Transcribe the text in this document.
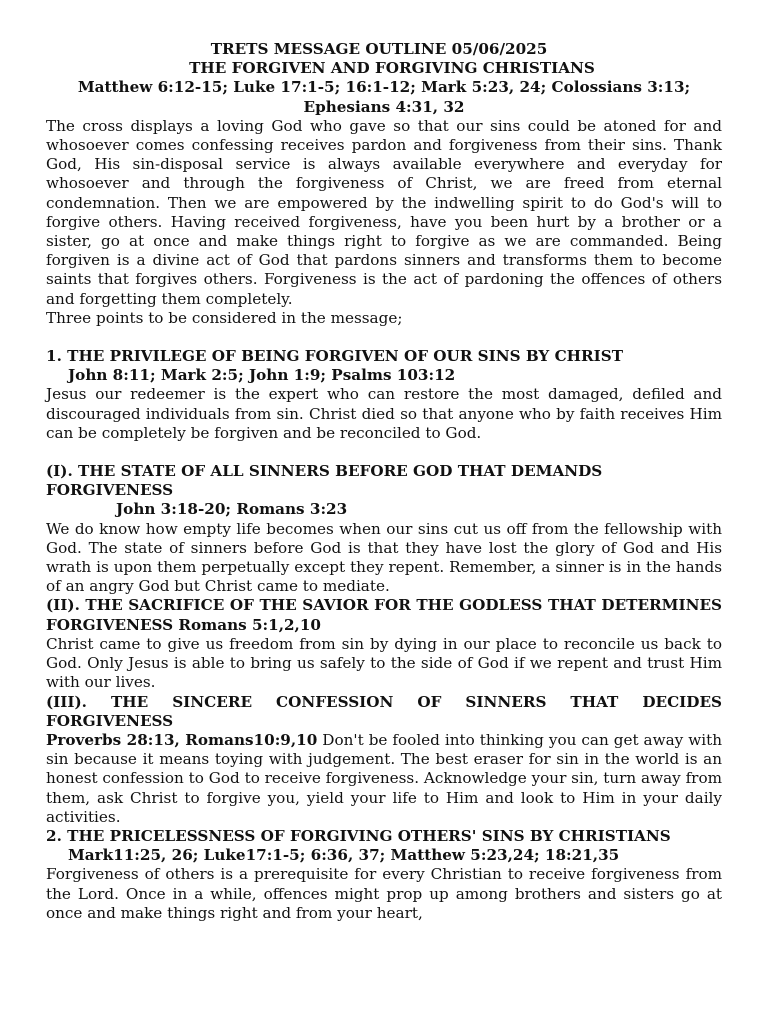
TRETS MESSAGE OUTLINE 05/06/2025

THE FORGIVEN AND FORGIVING CHRISTIANS

Matthew 6:12-15; Luke 17:1-5; 16:1-12; Mark 5:23, 24; Colossians 3:13; Ephesians 4:31, 32

The cross displays a loving God who gave so that our sins could be atoned for and whosoever comes confessing receives pardon and forgiveness from their sins. Thank God, His sin-disposal service is always available everywhere and everyday for whosoever and through the forgiveness of Christ, we are freed from eternal condemnation. Then we are empowered by the indwelling spirit to do God's will to forgive others. Having received forgiveness, have you been hurt by a brother or a sister, go at once and make things right to forgive as we are commanded. Being forgiven is a divine act of God that pardons sinners and transforms them to become saints that forgives others. Forgiveness is the act of pardoning the offences of others and forgetting them completely.

Three points to be considered in the message;

1. THE PRIVILEGE OF BEING FORGIVEN OF OUR SINS BY CHRIST

John 8:11; Mark 2:5; John 1:9; Psalms 103:12

Jesus our redeemer is the expert who can restore the most damaged, defiled and discouraged individuals from sin. Christ died so that anyone who by faith receives Him can be completely be forgiven and be reconciled to God.

(I). THE STATE OF ALL SINNERS BEFORE GOD THAT DEMANDS FORGIVENESS

John 3:18-20; Romans 3:23

We do know how empty life becomes when our sins cut us off from the fellowship with God. The state of sinners before God is that they have lost the glory of God and His wrath is upon them perpetually except they repent. Remember, a sinner is in the hands of an angry God but Christ came to mediate.

(II). THE SACRIFICE OF THE SAVIOR FOR THE GODLESS THAT DETERMINES FORGIVENESS Romans 5:1,2,10

Christ came to give us freedom from sin by dying in our place to reconcile us back to God. Only Jesus is able to bring us safely to the side of God if we repent and trust Him with our lives.

(III). THE SINCERE CONFESSION OF SINNERS THAT DECIDES FORGIVENESS

Proverbs 28:13, Romans10:9,10 Don't be fooled into thinking you can get away with sin because it means toying with judgement. The best eraser for sin in the world is an honest confession to God to receive forgiveness. Acknowledge your sin, turn away from them, ask Christ to forgive you, yield your life to Him and look to Him in your daily activities.

2. THE PRICELESSNESS OF FORGIVING OTHERS' SINS BY CHRISTIANS

Mark11:25, 26; Luke17:1-5; 6:36, 37; Matthew 5:23,24; 18:21,35

Forgiveness of others is a prerequisite for every Christian to receive forgiveness from the Lord. Once in a while, offences might prop up among brothers and sisters go at once and make things right and from your heart,
